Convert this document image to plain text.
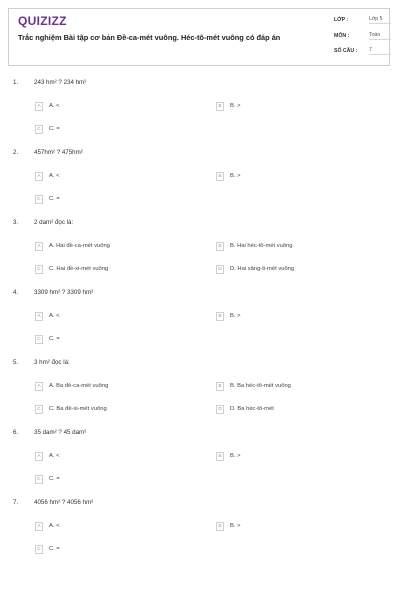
QUIZIZZ
Trắc nghiệm Bài tập cơ bản Đề-ca-mét vuông. Héc-tô-mét vuông có đáp án
LỚP :	Lớp 5
MÔN :	Toán
SỐ CÂU : 7
1.	243 hm² ? 234 hm²
A	A. <	B	B. >
C	C. =
2.	457hm² ? 475hm²
A	A. <	B	B. >
C	C. =
3.	2 dam² đọc là:
A	A. Hai đề-ca-mét vuông	B	B. Hai héc-tô-mét vuông
C	C. Hai đề-xi-mét vuông	D	D. Hai xăng-ti-mét vuông
4.	3309 hm² ? 3309 hm²
A	A. <	B	B. >
C	C. =
5.	3 hm² đọc là:
A	A. Ba đề-ca-mét vuông	B	B. Ba héc-tô-mét vuông
C	C. Ba đề-xi-mét vuông	D	D. Ba héc-tô-mét
6.	35 dam² ? 45 dam²
A	A. <	B	B. >
C	C. =
7.	4056 hm² ? 4056 hm²
A	A. <	B	B. >
C	C. =
